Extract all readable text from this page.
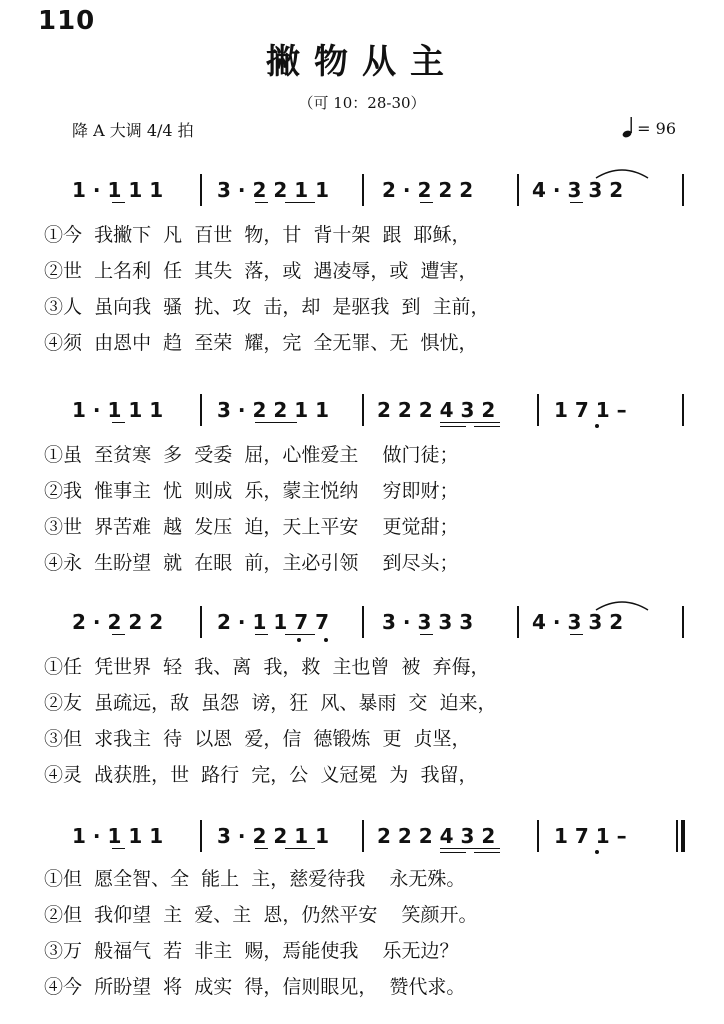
110
撇物从主
（可 10：28-30）
降 A 大调 4/4 拍	= 96
1 · 1 1 1	3 · 2 2 1 1	2 · 2 2 2	4 · 3 3 2
①今  我撇下  凡  百世  物，甘  背十架  跟  耶稣，
②世  上名利  任  其失  落，或  遇凌辱，或  遭害，
③人  虽向我  骚  扰、攻  击，却  是驱我  到  主前，
④须  由恩中  趋  至荣  耀，完  全无罪、无  惧忧，
1 · 1 1 1	3 · 2 2 1 1 2 2 2 4 3 2	1 7 1 –
①虽  至贫寒  多  受委  屈，心惟爱主    做门徒；
②我  惟事主  忧  则成  乐，蒙主悦纳    穷即财；
③世  界苦难  越  发压  迫，天上平安    更觉甜；
④永  生盼望  就  在眼  前，主必引领    到尽头；
2 · 2 2 2	2 · 1 1 7 7	3 · 3 3 3	4 · 3 3 2
①任  凭世界  轻  我、离  我，救  主也曾  被  弃侮，
②友  虽疏远，敌  虽怨  谤，狂  风、暴雨  交  迫来，
③但  求我主  待  以恩  爱，信  德锻炼  更  贞坚，
④灵  战获胜，世  路行  完，公  义冠冕  为  我留，
1 · 1 1 1	3 · 2 2 1 1 2 2 2 4 3 2	1 7 1 –
①但  愿全智、全  能上  主，慈爱待我    永无殊。
②但  我仰望  主  爱、主  恩，仍然平安    笑颜开。
③万  般福气  若  非主  赐，焉能使我    乐无边？
④今  所盼望  将  成实  得，信则眼见，  赞代求。
